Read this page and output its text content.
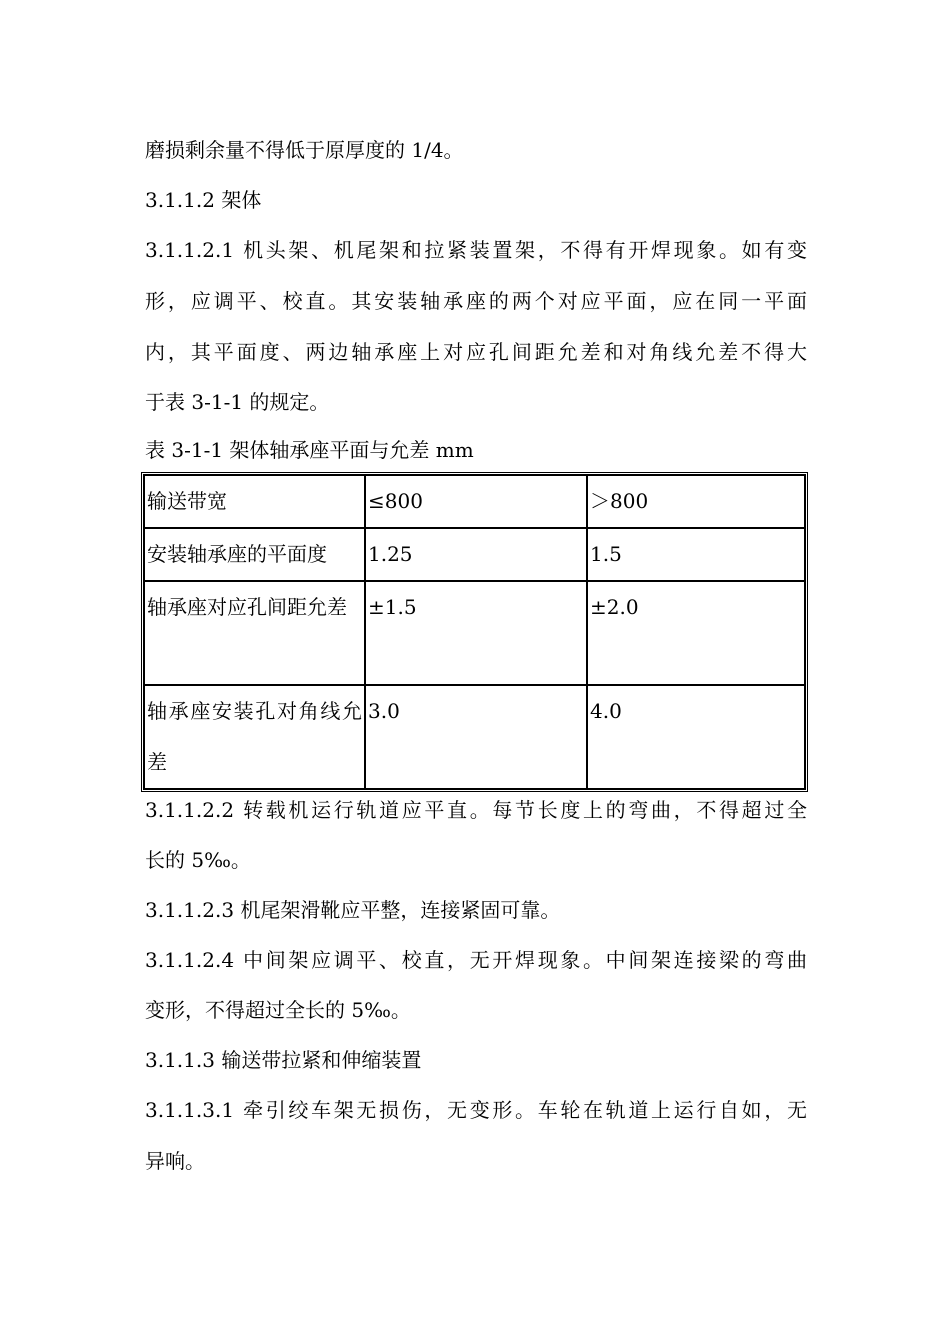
磨损剩余量不得低于原厚度的 1/4。
3.1.1.2 架体
3.1.1.2.1 机头架、机尾架和拉紧装置架，不得有开焊现象。如有变
形，应调平、校直。其安装轴承座的两个对应平面，应在同一平面
内，其平面度、两边轴承座上对应孔间距允差和对角线允差不得大
于表 3-1-1 的规定。
表 3-1-1 架体轴承座平面与允差 mm
输送带宽	≤800	＞800
安装轴承座的平面度	1.25	1.5
轴承座对应孔间距允差	±1.5	±2.0
轴承座安装孔对角线允差	3.0	4.0
3.1.1.2.2 转载机运行轨道应平直。每节长度上的弯曲，不得超过全
长的 5‰。
3.1.1.2.3 机尾架滑靴应平整，连接紧固可靠。
3.1.1.2.4 中间架应调平、校直，无开焊现象。中间架连接梁的弯曲
变形，不得超过全长的 5‰。
3.1.1.3 输送带拉紧和伸缩装置
3.1.1.3.1 牵引绞车架无损伤，无变形。车轮在轨道上运行自如，无
异响。
